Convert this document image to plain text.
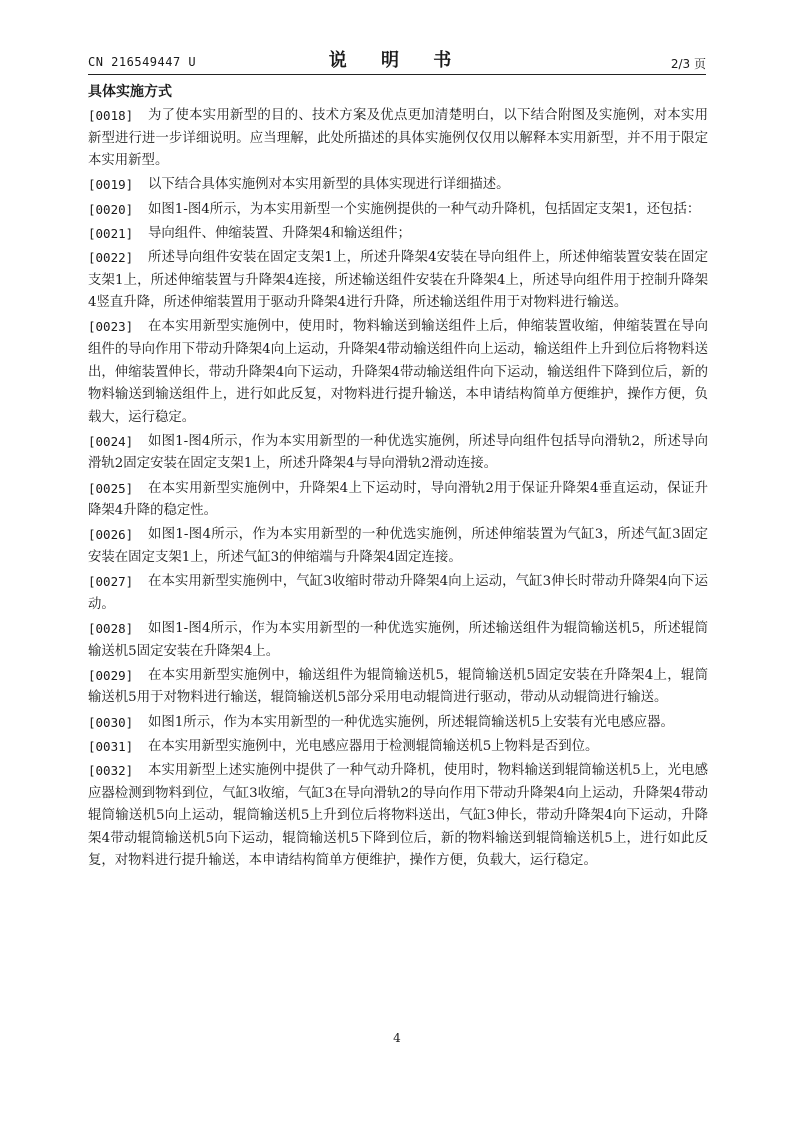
CN 216549447 U	说 明 书	2/3 页
具体实施方式
[0018] 为了使本实用新型的目的、技术方案及优点更加清楚明白，以下结合附图及实施例，对本实用新型进行进一步详细说明。应当理解，此处所描述的具体实施例仅仅用以解释本实用新型，并不用于限定本实用新型。
[0019] 以下结合具体实施例对本实用新型的具体实现进行详细描述。
[0020] 如图1-图4所示，为本实用新型一个实施例提供的一种气动升降机，包括固定支架1，还包括：
[0021] 导向组件、伸缩装置、升降架4和输送组件；
[0022] 所述导向组件安装在固定支架1上，所述升降架4安装在导向组件上，所述伸缩装置安装在固定支架1上，所述伸缩装置与升降架4连接，所述输送组件安装在升降架4上，所述导向组件用于控制升降架4竖直升降，所述伸缩装置用于驱动升降架4进行升降，所述输送组件用于对物料进行输送。
[0023] 在本实用新型实施例中，使用时，物料输送到输送组件上后，伸缩装置收缩，伸缩装置在导向组件的导向作用下带动升降架4向上运动，升降架4带动输送组件向上运动，输送组件上升到位后将物料送出，伸缩装置伸长，带动升降架4向下运动，升降架4带动输送组件向下运动，输送组件下降到位后，新的物料输送到输送组件上，进行如此反复，对物料进行提升输送，本申请结构简单方便维护，操作方便，负载大，运行稳定。
[0024] 如图1-图4所示，作为本实用新型的一种优选实施例，所述导向组件包括导向滑轨2，所述导向滑轨2固定安装在固定支架1上，所述升降架4与导向滑轨2滑动连接。
[0025] 在本实用新型实施例中，升降架4上下运动时，导向滑轨2用于保证升降架4垂直运动，保证升降架4升降的稳定性。
[0026] 如图1-图4所示，作为本实用新型的一种优选实施例，所述伸缩装置为气缸3，所述气缸3固定安装在固定支架1上，所述气缸3的伸缩端与升降架4固定连接。
[0027] 在本实用新型实施例中，气缸3收缩时带动升降架4向上运动，气缸3伸长时带动升降架4向下运动。
[0028] 如图1-图4所示，作为本实用新型的一种优选实施例，所述输送组件为辊筒输送机5，所述辊筒输送机5固定安装在升降架4上。
[0029] 在本实用新型实施例中，输送组件为辊筒输送机5，辊筒输送机5固定安装在升降架4上，辊筒输送机5用于对物料进行输送，辊筒输送机5部分采用电动辊筒进行驱动，带动从动辊筒进行输送。
[0030] 如图1所示，作为本实用新型的一种优选实施例，所述辊筒输送机5上安装有光电感应器。
[0031] 在本实用新型实施例中，光电感应器用于检测辊筒输送机5上物料是否到位。
[0032] 本实用新型上述实施例中提供了一种气动升降机，使用时，物料输送到辊筒输送机5上，光电感应器检测到物料到位，气缸3收缩，气缸3在导向滑轨2的导向作用下带动升降架4向上运动，升降架4带动辊筒输送机5向上运动，辊筒输送机5上升到位后将物料送出，气缸3伸长，带动升降架4向下运动，升降架4带动辊筒输送机5向下运动，辊筒输送机5下降到位后，新的物料输送到辊筒输送机5上，进行如此反复，对物料进行提升输送，本申请结构简单方便维护，操作方便，负载大，运行稳定。
4
